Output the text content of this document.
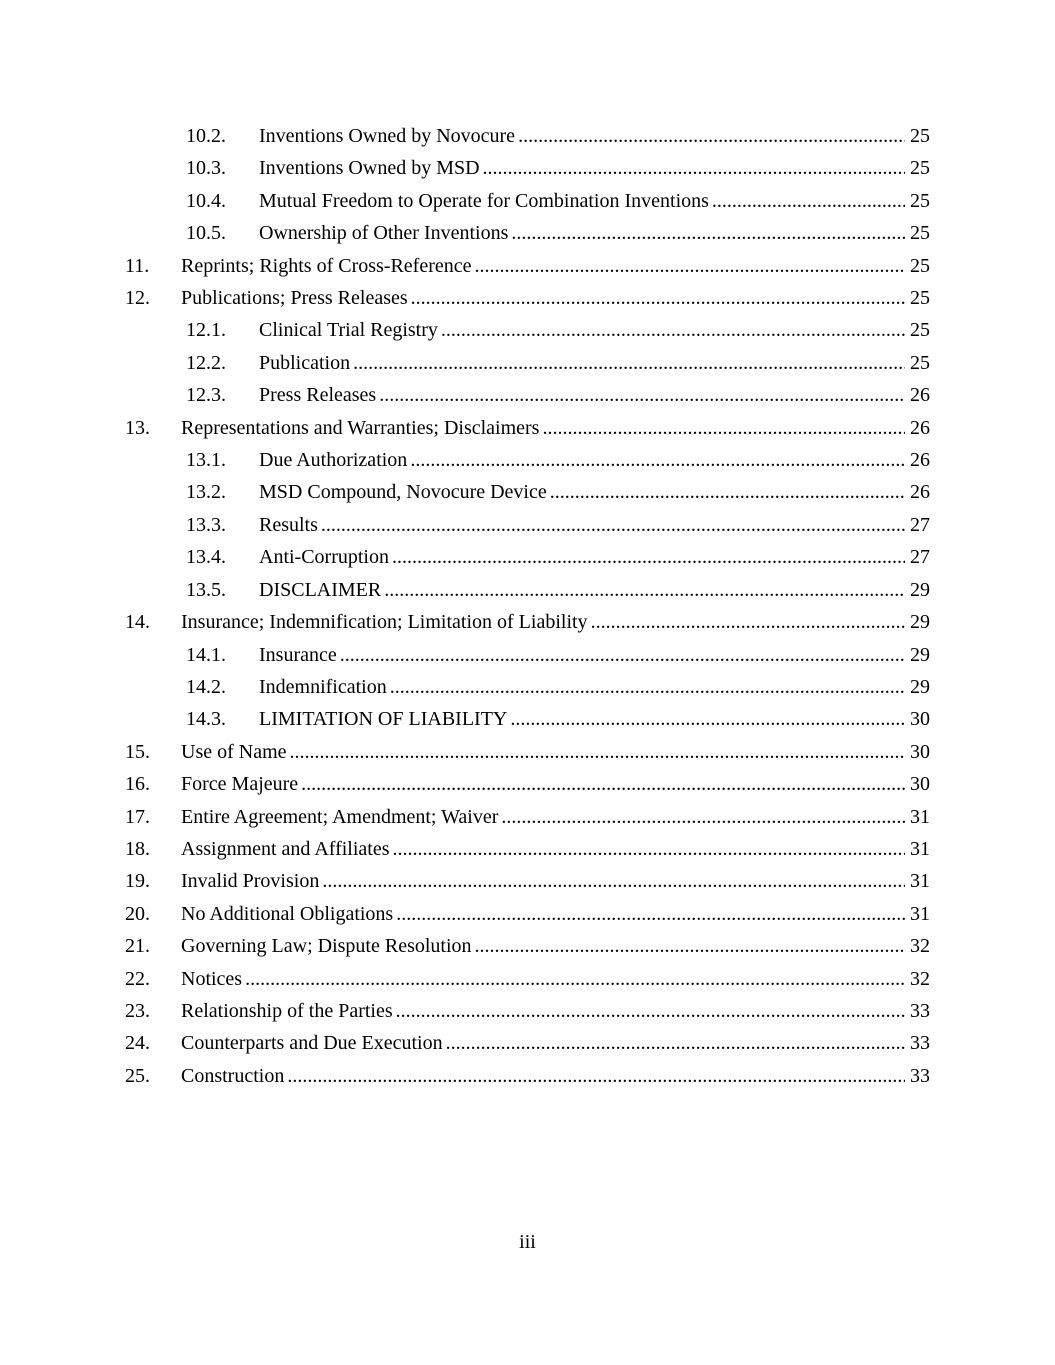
10.2.	Inventions Owned by Novocure .....	25
10.3.	Inventions Owned by MSD .....	25
10.4.	Mutual Freedom to Operate for Combination Inventions .....	25
10.5.	Ownership of Other Inventions .....	25
11.	Reprints; Rights of Cross-Reference .....	25
12.	Publications; Press Releases .....	25
12.1.	Clinical Trial Registry .....	25
12.2.	Publication .....	25
12.3.	Press Releases .....	26
13.	Representations and Warranties; Disclaimers .....	26
13.1.	Due Authorization .....	26
13.2.	MSD Compound, Novocure Device .....	26
13.3.	Results .....	27
13.4.	Anti-Corruption .....	27
13.5.	DISCLAIMER .....	29
14.	Insurance; Indemnification; Limitation of Liability .....	29
14.1.	Insurance .....	29
14.2.	Indemnification .....	29
14.3.	LIMITATION OF LIABILITY .....	30
15.	Use of Name .....	30
16.	Force Majeure .....	30
17.	Entire Agreement; Amendment; Waiver .....	31
18.	Assignment and Affiliates .....	31
19.	Invalid Provision .....	31
20.	No Additional Obligations .....	31
21.	Governing Law; Dispute Resolution .....	32
22.	Notices .....	32
23.	Relationship of the Parties .....	33
24.	Counterparts and Due Execution .....	33
25.	Construction .....	33
iii
